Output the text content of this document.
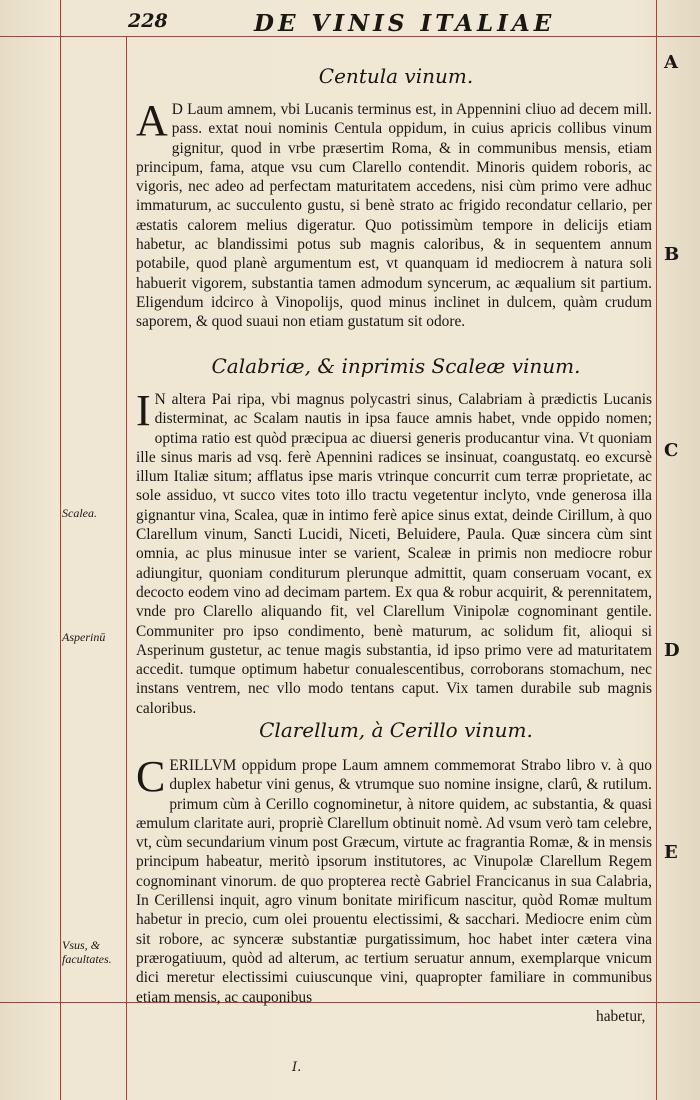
228	DE VINIS ITALIAE
Centula vinum.
A D Laum amnem, vbi Lucanis terminus est, in Appennini cliuo ad decem mill. pass. extat noui nominis Centula oppidum, in cuius apricis collibus vinum gignitur, quod in vrbe præsertim Roma, & in communibus mensis, etiam principum, fama, atque vsu cum Clarello contendit. Minoris quidem roboris, ac vigoris, nec adeo ad perfectam maturitatem accedens, nisi cùm primo vere adhuc immaturum, ac succulento gustu, si benè strato ac frigido recondatur cellario, per æstatis calorem melius digeratur. Quo potissimùm tempore in delicijs etiam habetur, ac blandissimi potus sub magnis caloribus, & in sequentem annum potabile, quod planè argumentum est, vt quanquam id mediocrem à natura soli habuerit vigorem, substantia tamen admodum syncerum, ac æqualium sit partium. Eligendum idcirco à Vinopolijs, quod minus inclinet in dulcem, quàm crudum saporem, & quod suaui non etiam gustatum sit odore.
Calabriæ, & inprimis Scaleæ vinum.
I N altera Pai ripa, vbi magnus polycastri sinus, Calabriam à prædictis Lucanis disterminat, ac Scalam nautis in ipsa fauce amnis habet, vnde oppido nomen; optima ratio est quòd præcipua ac diuersi generis producantur vina. Vt quoniam ille sinus maris ad vsq. ferè Apennini radices se insinuat, coangustatq. eo excursè illum Italiæ situm; afflatus ipse maris vtrinque concurrit cum terræ proprietate, ac sole assiduo, vt succo vites toto illo tractu vegetentur inclyto, vnde generosa illa gignantur vina, Scalea, quæ in intimo ferè apice sinus extat, deinde Cirillum, à quo Clarellum vinum, Sancti Lucidi, Niceti, Beluidere, Paula. Quæ sincera cùm sint omnia, ac plus minusue inter se varient, Scaleæ in primis non mediocre robur adiungitur, quoniam conditurum plerunque admittit, quam conseruam vocant, ex decocto eodem vino ad decimam partem. Ex qua & robur acquirit, & perennitatem, vnde pro Clarello aliquando fit, vel Clarellum Vinipolæ cognominant gentile. Communiter pro ipso condimento, benè maturum, ac solidum fit, alioqui si Asperinum gustetur, ac tenue magis substantia, id ipso primo vere ad maturitatem accedit. tumque optimum habetur conualescentibus, corroborans stomachum, nec instans ventrem, nec vllo modo tentans caput. Vix tamen durabile sub magnis caloribus.
Clarellum, à Cerillo vinum.
CERILLVM oppidum prope Laum amnem commemorat Strabo libro v. à quo duplex habetur vini genus, & vtrumque suo nomine insigne, clarû, & rutilum. primum cùm à Cerillo cognominetur, à nitore quidem, ac substantia, & quasi æmulum claritate auri, propriè Clarellum obtinuit nomè. Ad vsum verò tam celebre, vt, cùm secundarium vinum post Græcum, virtute ac fragrantia Romæ, & in mensis principum habeatur, meritò ipsorum institutores, ac Vinupolæ Clarellum Regem cognominant vinorum. de quo propterea rectè Gabriel Francicanus in sua Calabria, In Cerillensi inquit, agro vinum bonitate mirificum nascitur, quòd Romæ multum habetur in precio, cum olei prouentu electissimi, & sacchari. Mediocre enim cùm sit robore, ac synceræ substantiæ purgatissimum, hoc habet inter cætera vina prærogatiuum, quòd ad alterum, ac tertium seruatur annum, exemplarque vnicum dici meretur electissimi cuiuscunque vini, quapropter familiare in communibus etiam mensis, ac cauponibus
Scalea.
Asperinū
Vsus, & facultates.
A
B
C
D
E
habetur,
I.
